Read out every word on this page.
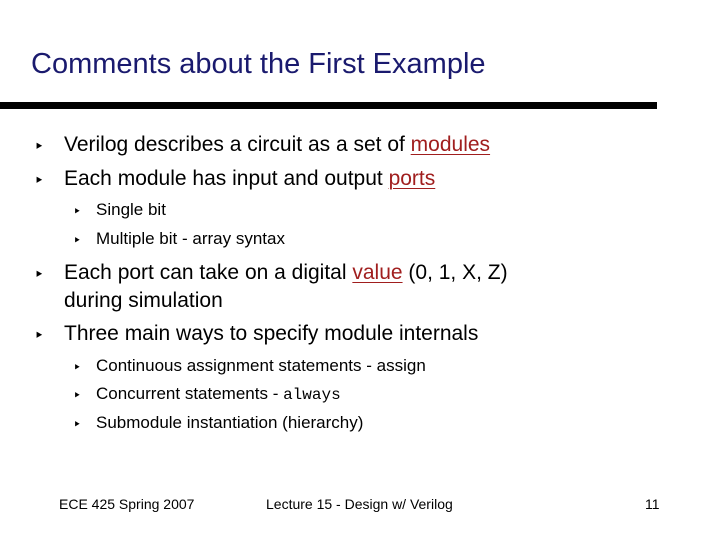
Comments about the First Example
‣ Verilog describes a circuit as a set of modules
‣ Each module has input and output ports
‣ Single bit
‣ Multiple bit - array syntax
‣ Each port can take on a digital value (0, 1, X, Z)
during simulation
‣ Three main ways to specify module internals
‣ Continuous assignment statements - assign
‣ Concurrent statements - always
‣ Submodule instantiation (hierarchy)
ECE 425 Spring 2007	Lecture 15 - Design w/ Verilog	11
